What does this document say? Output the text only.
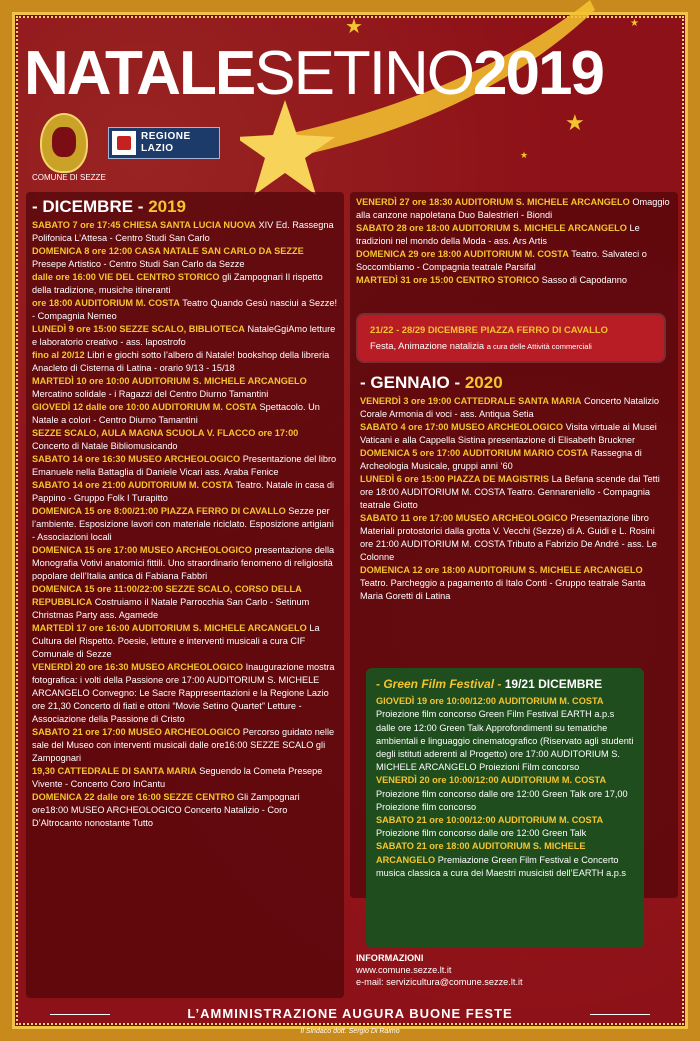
★
★
★
★
NATALESETINO2019
COMUNE DI SEZZE
REGIONE
LAZIO
- DICEMBRE - 2019

SABATO 7 ore 17:45 CHIESA SANTA LUCIA NUOVA XIV Ed. Rassegna Polifonica L’Attesa - Centro Studi San Carlo

DOMENICA 8 ore 12:00 CASA NATALE SAN CARLO DA SEZZE Presepe Artistico - Centro Studi San Carlo da Sezze

dalle ore 16:00 VIE DEL CENTRO STORICO gli Zampognari Il rispetto della tradizione, musiche itineranti

ore 18:00 AUDITORIUM M. COSTA Teatro Quando Gesù nasciui a Sezze! - Compagnia Nemeo

LUNEDÌ 9 ore 15:00 SEZZE SCALO, BIBLIOTECA NataleGgiAmo letture e laboratorio creativo - ass. lapostrofo

fino al 20/12 Libri e giochi sotto l’albero di Natale! bookshop della libreria Anacleto di Cisterna di Latina - orario 9/13 - 15/18

MARTEDÌ 10 ore 10:00 AUDITORIUM S. MICHELE ARCANGELO Mercatino solidale - i Ragazzi del Centro Diurno Tamantini

GIOVEDÌ 12 dalle ore 10:00 AUDITORIUM M. COSTA Spettacolo. Un Natale a colori - Centro Diurno Tamantini

SEZZE SCALO, AULA MAGNA SCUOLA V. FLACCO ore 17:00 Concerto di Natale Bibliomusicando

SABATO 14 ore 16:30 MUSEO ARCHEOLOGICO Presentazione del libro Emanuele nella Battaglia di Daniele Vicari ass. Araba Fenice

SABATO 14 ore 21:00 AUDITORIUM M. COSTA Teatro. Natale in casa di Pappino - Gruppo Folk I Turapitto

DOMENICA 15 ore 8:00/21:00 PIAZZA FERRO DI CAVALLO Sezze per l’ambiente. Esposizione lavori con materiale riciclato. Esposizione artigiani - Associazioni locali

DOMENICA 15 ore 17:00 MUSEO ARCHEOLOGICO presentazione della Monografia Votivi anatomici fittili. Uno straordinario fenomeno di religiosità popolare dell’Italia antica di Fabiana Fabbri

DOMENICA 15 ore 11:00/22:00 SEZZE SCALO, CORSO DELLA REPUBBLICA Costruiamo il Natale Parrocchia San Carlo - Setinum Christmas Party ass. Agamede

MARTEDÌ 17 ore 16:00 AUDITORIUM S. MICHELE ARCANGELO La Cultura del Rispetto. Poesie, letture e interventi musicali a cura CIF Comunale di Sezze

VENERDÌ 20 ore 16:30 MUSEO ARCHEOLOGICO Inaugurazione mostra fotografica: i volti della Passione ore 17:00 AUDITORIUM S. MICHELE ARCANGELO Convegno: Le Sacre Rappresentazioni e la Regione Lazio ore 21,30 Concerto di fiati e ottoni “Movie Setino Quartet” Letture - Associazione della Passione di Cristo

SABATO 21 ore 17:00 MUSEO ARCHEOLOGICO Percorso guidato nelle sale del Museo con interventi musicali dalle ore16:00 SEZZE SCALO gli Zampognari

19,30 CATTEDRALE DI SANTA MARIA Seguendo la Cometa Presepe Vivente - Concerto Coro InCantu

DOMENICA 22 dalle ore 16:00 SEZZE CENTRO Gli Zampognari ore18:00 MUSEO ARCHEOLOGICO Concerto Natalizio - Coro D’Altrocanto nonostante Tutto

VENERDÌ 27 ore 18:30 AUDITORIUM S. MICHELE ARCANGELO Omaggio alla canzone napoletana Duo Balestrieri - Biondi

SABATO 28 ore 18:00 AUDITORIUM S. MICHELE ARCANGELO Le tradizioni nel mondo della Moda - ass. Ars Artis

DOMENICA 29 ore 18:00 AUDITORIUM M. COSTA Teatro. Salvateci o Soccombiamo - Compagnia teatrale Parsifal

MARTEDÌ 31 ore 15:00 CENTRO STORICO Sasso di Capodanno

21/22 - 28/29 DICEMBRE PIAZZA FERRO DI CAVALLO
Festa, Animazione natalizia a cura delle Attività commerciali
- GENNAIO - 2020

VENERDÌ 3 ore 19:00 CATTEDRALE SANTA MARIA Concerto Natalizio Corale Armonia di voci - ass. Antiqua Setia

SABATO 4 ore 17:00 MUSEO ARCHEOLOGICO Visita virtuale ai Musei Vaticani e alla Cappella Sistina presentazione di Elisabeth Bruckner

DOMENICA 5 ore 17:00 AUDITORIUM MARIO COSTA Rassegna di Archeologia Musicale, gruppi anni ‘60

LUNEDÌ 6 ore 15:00 PIAZZA DE MAGISTRIS La Befana scende dai Tetti ore 18:00 AUDITORIUM M. COSTA Teatro. Gennareniello - Compagnia teatrale Giotto

SABATO 11 ore 17:00 MUSEO ARCHEOLOGICO Presentazione libro Materiali protostorici dalla grotta V. Vecchi (Sezze) di A. Guidi e L. Rosini ore 21:00 AUDITORIUM M. COSTA Tributo a Fabrizio De André - ass. Le Colonne

DOMENICA 12 ore 18:00 AUDITORIUM S. MICHELE ARCANGELO Teatro. Parcheggio a pagamento di Italo Conti - Gruppo teatrale Santa Maria Goretti di Latina

- Green Film Festival - 19/21 DICEMBRE

GIOVEDÌ 19 ore 10:00/12:00 AUDITORIUM M. COSTA Proiezione film concorso Green Film Festival EARTH a.p.s dalle ore 12:00 Green Talk Approfondimenti su tematiche ambientali e linguaggio cinematografico (Riservato agli studenti degli istituti aderenti al Progetto) ore 17:00 AUDITORIUM S. MICHELE ARCANGELO Proiezioni Film concorso

VENERDÌ 20 ore 10:00/12:00 AUDITORIUM M. COSTA Proiezione film concorso dalle ore 12:00 Green Talk ore 17,00 Proiezione film concorso

SABATO 21 ore 10:00/12:00 AUDITORIUM M. COSTA Proiezione film concorso dalle ore 12:00 Green Talk

SABATO 21 ore 18:00 AUDITORIUM S. MICHELE ARCANGELO Premiazione Green Film Festival e Concerto musica classica a cura dei Maestri musicisti dell’EARTH a.p.s

INFORMAZIONI
www.comune.sezze.lt.it
e-mail: servizicultura@comune.sezze.lt.it
L’AMMINISTRAZIONE AUGURA BUONE FESTE
Il Sindaco dott. Sergio Di Raimo
